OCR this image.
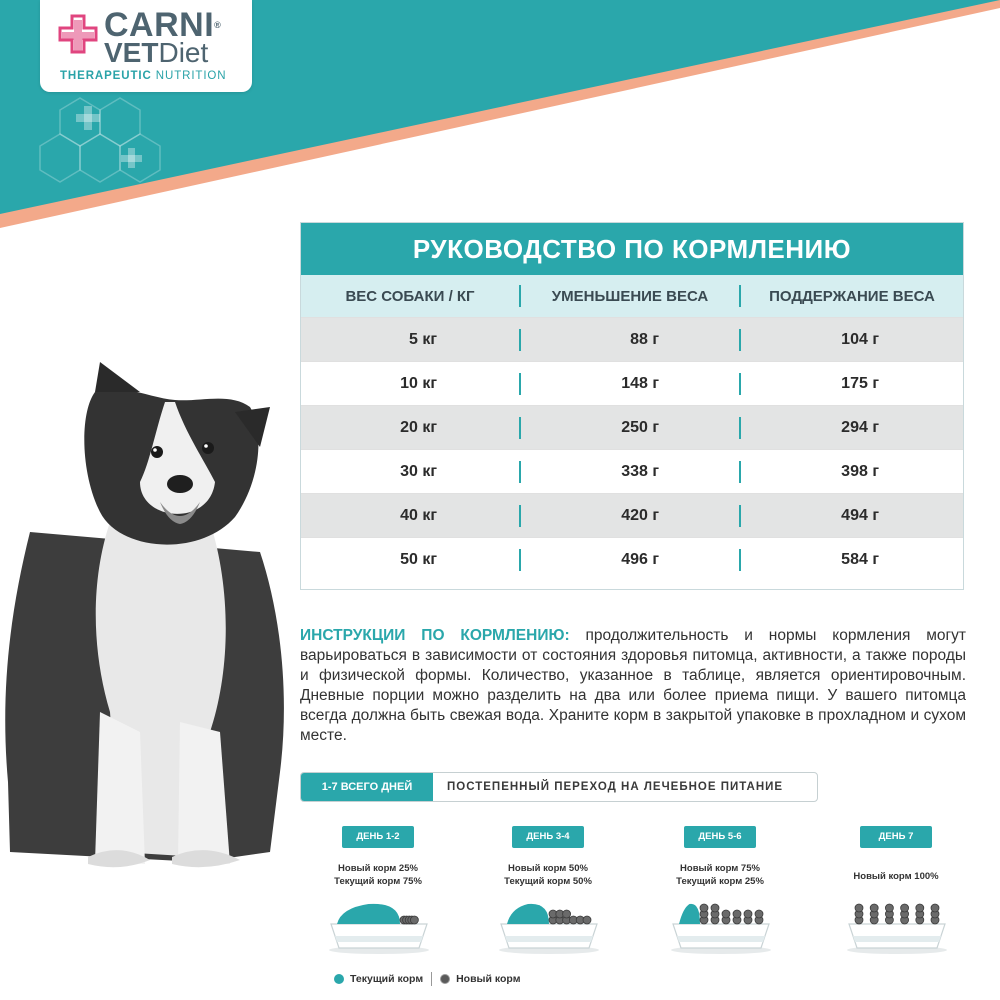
CARNI®
VETDiet
THERAPEUTIC NUTRITION
РУКОВОДСТВО ПО КОРМЛЕНИЮ
ВЕС СОБАКИ / КГ	УМЕНЬШЕНИЕ ВЕСА	ПОДДЕРЖАНИЕ ВЕСА
5 кг	88 г	104 г
10 кг	148 г	175 г
20 кг	250 г	294 г
30 кг	338 г	398 г
40 кг	420 г	494 г
50 кг	496 г	584 г

ИНСТРУКЦИИ ПО КОРМЛЕНИЮ: продолжительность и нормы кормления могут варьироваться в зависимости от состояния здоровья питомца, активности, а также породы и физической формы. Количество, указанное в таблице, является ориентировочным. Дневные порции можно разделить на два или более приема пищи. У вашего питомца всегда должна быть свежая вода. Храните корм в закрытой упаковке в прохладном и сухом месте.

1-7 ВСЕГО ДНЕЙ	ПОСТЕПЕННЫЙ ПЕРЕХОД НА ЛЕЧЕБНОЕ ПИТАНИЕ
ДЕНЬ 1-2
Новый корм 25%
Текущий корм 75%
ДЕНЬ 3-4
Новый корм 50%
Текущий корм 50%
ДЕНЬ 5-6
Новый корм 75%
Текущий корм 25%
ДЕНЬ 7
Новый корм 100%
Текущий корм	Новый корм
